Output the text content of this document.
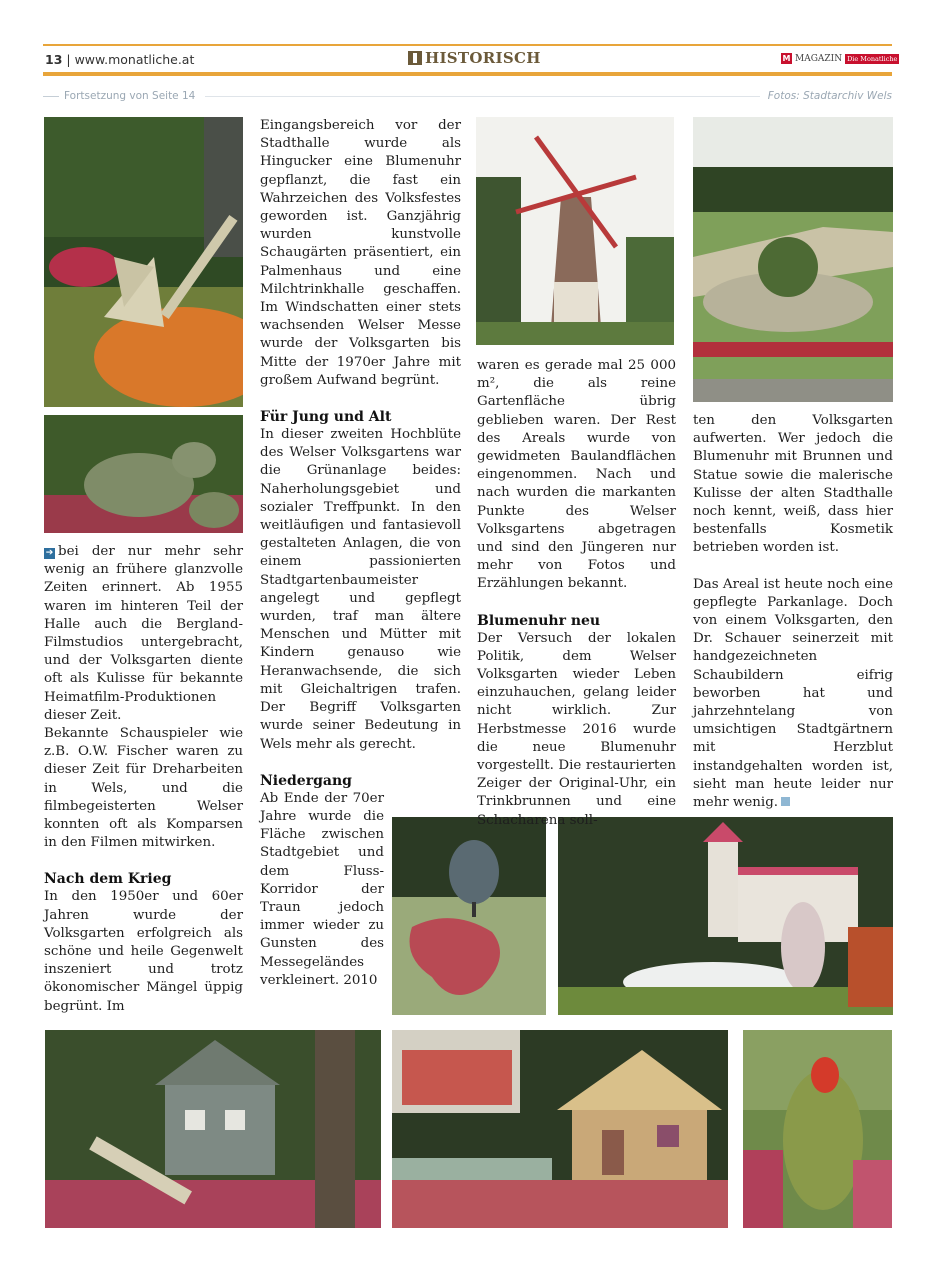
13 | www.monatliche.at	HISTORISCH	M MAGAZIN Die Monatliche
Fortsetzung von Seite 14	Fotos: Stadtarchiv Wels

➔ bei der nur mehr sehr wenig an frühere glanzvolle Zeiten erinnert. Ab 1955 waren im hinteren Teil der Halle auch die Bergland-Filmstudios untergebracht, und der Volksgarten diente oft als Kulisse für bekannte Heimatfilm-Produktionen dieser Zeit.

Bekannte Schauspieler wie z.B. O.W. Fischer waren zu dieser Zeit für Dreharbeiten in Wels, und die filmbegeisterten Welser konnten oft als Komparsen in den Filmen mitwirken.

Nach dem Krieg

In den 1950er und 60er Jahren wurde der Volksgarten erfolgreich als schöne und heile Gegenwelt inszeniert und trotz ökonomischer Mängel üppig begrünt. Im

Eingangsbereich vor der Stadthalle wurde als Hingucker eine Blumenuhr gepflanzt, die fast ein Wahrzeichen des Volksfestes geworden ist. Ganzjährig wurden kunstvolle Schaugärten präsentiert, ein Palmenhaus und eine Milchtrinkhalle geschaffen. Im Windschatten einer stets wachsenden Welser Messe wurde der Volksgarten bis Mitte der 1970er Jahre mit großem Aufwand begrünt.

Für Jung und Alt

In dieser zweiten Hochblüte des Welser Volksgartens war die Grünanlage beides: Naherholungsgebiet und sozialer Treffpunkt. In den weitläufigen und fantasievoll gestalteten Anlagen, die von einem passionierten Stadtgartenbaumeister angelegt und gepflegt wurden, traf man ältere Menschen und Mütter mit Kindern genauso wie Heranwachsende, die sich mit Gleichaltrigen trafen. Der Begriff Volksgarten wurde seiner Bedeutung in Wels mehr als gerecht.

Niedergang

Ab Ende der 70er Jahre wurde die Fläche zwischen Stadtgebiet und dem Fluss-Korridor der Traun jedoch immer wieder zu Gunsten des Messegeländes verkleinert. 2010

waren es gerade mal 25 000 m², die als reine Gartenfläche übrig geblieben waren. Der Rest des Areals wurde von gewidmeten Baulandflächen eingenommen. Nach und nach wurden die markanten Punkte des Welser Volksgartens abgetragen und sind den Jüngeren nur mehr von Fotos und Erzählungen bekannt.

Blumenuhr neu

Der Versuch der lokalen Politik, dem Welser Volksgarten wieder Leben einzuhauchen, gelang leider nicht wirklich. Zur Herbstmesse 2016 wurde die neue Blumenuhr vorgestellt. Die restaurierten Zeiger der Original-Uhr, ein Trinkbrunnen und eine Schacharena soll-

ten den Volksgarten aufwerten. Wer jedoch die Blumenuhr mit Brunnen und Statue sowie die malerische Kulisse der alten Stadthalle noch kennt, weiß, dass hier bestenfalls Kosmetik betrieben worden ist.

Das Areal ist heute noch eine gepflegte Parkanlage. Doch von einem Volksgarten, den Dr. Schauer seinerzeit mit handgezeichneten Schaubildern eifrig beworben hat und jahrzehntelang von umsichtigen Stadtgärtnern mit Herzblut instandgehalten worden ist, sieht man heute leider nur mehr wenig.
